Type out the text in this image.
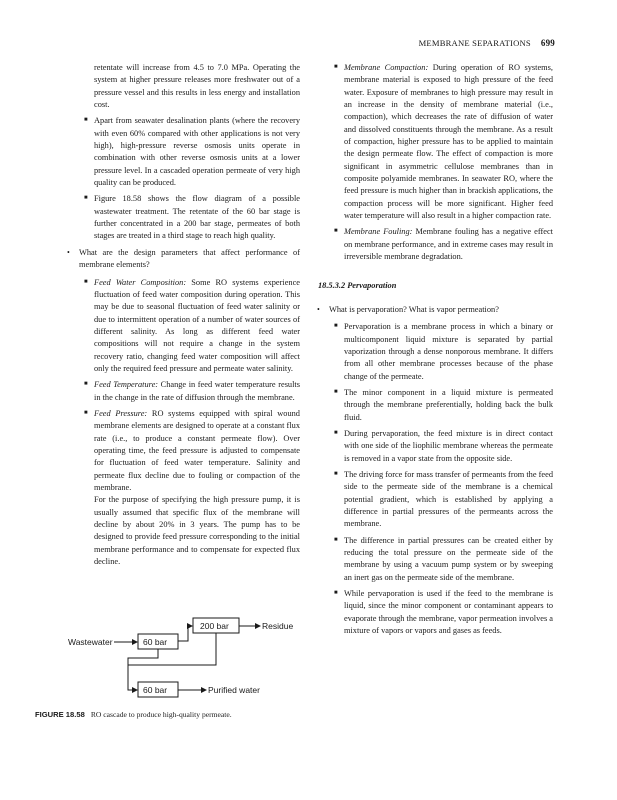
MEMBRANE SEPARATIONS 699

retentate will increase from 4.5 to 7.0 MPa. Operating the system at higher pressure releases more freshwater out of a pressure vessel and this results in less energy and installation cost.

■ Apart from seawater desalination plants (where the recovery with even 60% compared with other applications is not very high), high-pressure reverse osmosis units operate in combination with other reverse osmosis units at a lower pressure level. In a cascaded operation permeate of very high quality can be produced.
■ Figure 18.58 shows the flow diagram of a possible wastewater treatment. The retentate of the 60 bar stage is further concentrated in a 200 bar stage, permeates of both stages are treated in a third stage to reach high quality.
• What are the design parameters that affect performance of membrane elements?
■ Feed Water Composition: Some RO systems experience fluctuation of feed water composition during operation. This may be due to seasonal fluctuation of feed water salinity or due to intermittent operation of a number of water sources of different salinity. As long as different feed water compositions will not require a change in the system recovery ratio, changing feed water composition will affect only the required feed pressure and permeate water salinity.
■ Feed Temperature: Change in feed water temperature results in the change in the rate of diffusion through the membrane.
■ Feed Pressure: RO systems equipped with spiral wound membrane elements are designed to operate at a constant flux rate (i.e., to produce a constant permeate flow). Over operating time, the feed pressure is adjusted to compensate for fluctuation of feed water temperature. Salinity and permeate flux decline due to fouling or compaction of the membrane.

For the purpose of specifying the high pressure pump, it is usually assumed that specific flux of the membrane will decline by about 20% in 3 years. The pump has to be designed to provide feed pressure corresponding to the initial membrane performance and to compensate for expected flux decline.

Wastewater	60 bar
200 bar	Residue
60 bar	Purified water
FIGURE 18.58 RO cascade to produce high-quality permeate.
■ Membrane Compaction: During operation of RO systems, membrane material is exposed to high pressure of the feed water. Exposure of membranes to high pressure may result in an increase in the density of membrane material (i.e., compaction), which decreases the rate of diffusion of water and dissolved constituents through the membrane. As a result of compaction, higher pressure has to be applied to maintain the design permeate flow. The effect of compaction is more significant in asymmetric cellulose membranes than in composite polyamide membranes. In seawater RO, where the feed pressure is much higher than in brackish applications, the compaction process will be more significant. Higher feed water temperature will also result in a higher compaction rate.
■ Membrane Fouling: Membrane fouling has a negative effect on membrane performance, and in extreme cases may result in irreversible membrane degradation.
18.5.3.2 Pervaporation
• What is pervaporation? What is vapor permeation?
■ Pervaporation is a membrane process in which a binary or multicomponent liquid mixture is separated by partial vaporization through a dense nonporous membrane. It differs from all other membrane processes because of the phase change of the permeate.
■ The minor component in a liquid mixture is permeated through the membrane preferentially, holding back the bulk fluid.
■ During pervaporation, the feed mixture is in direct contact with one side of the liophilic membrane whereas the permeate is removed in a vapor state from the opposite side.
■ The driving force for mass transfer of permeants from the feed side to the permeate side of the membrane is a chemical potential gradient, which is established by applying a difference in partial pressures of the permeants across the membrane.
■ The difference in partial pressures can be created either by reducing the total pressure on the permeate side of the membrane by using a vacuum pump system or by sweeping an inert gas on the permeate side of the membrane.
■ While pervaporation is used if the feed to the membrane is liquid, since the minor component or contaminant appears to evaporate through the membrane, vapor permeation involves a mixture of vapors or vapors and gases as feeds.
